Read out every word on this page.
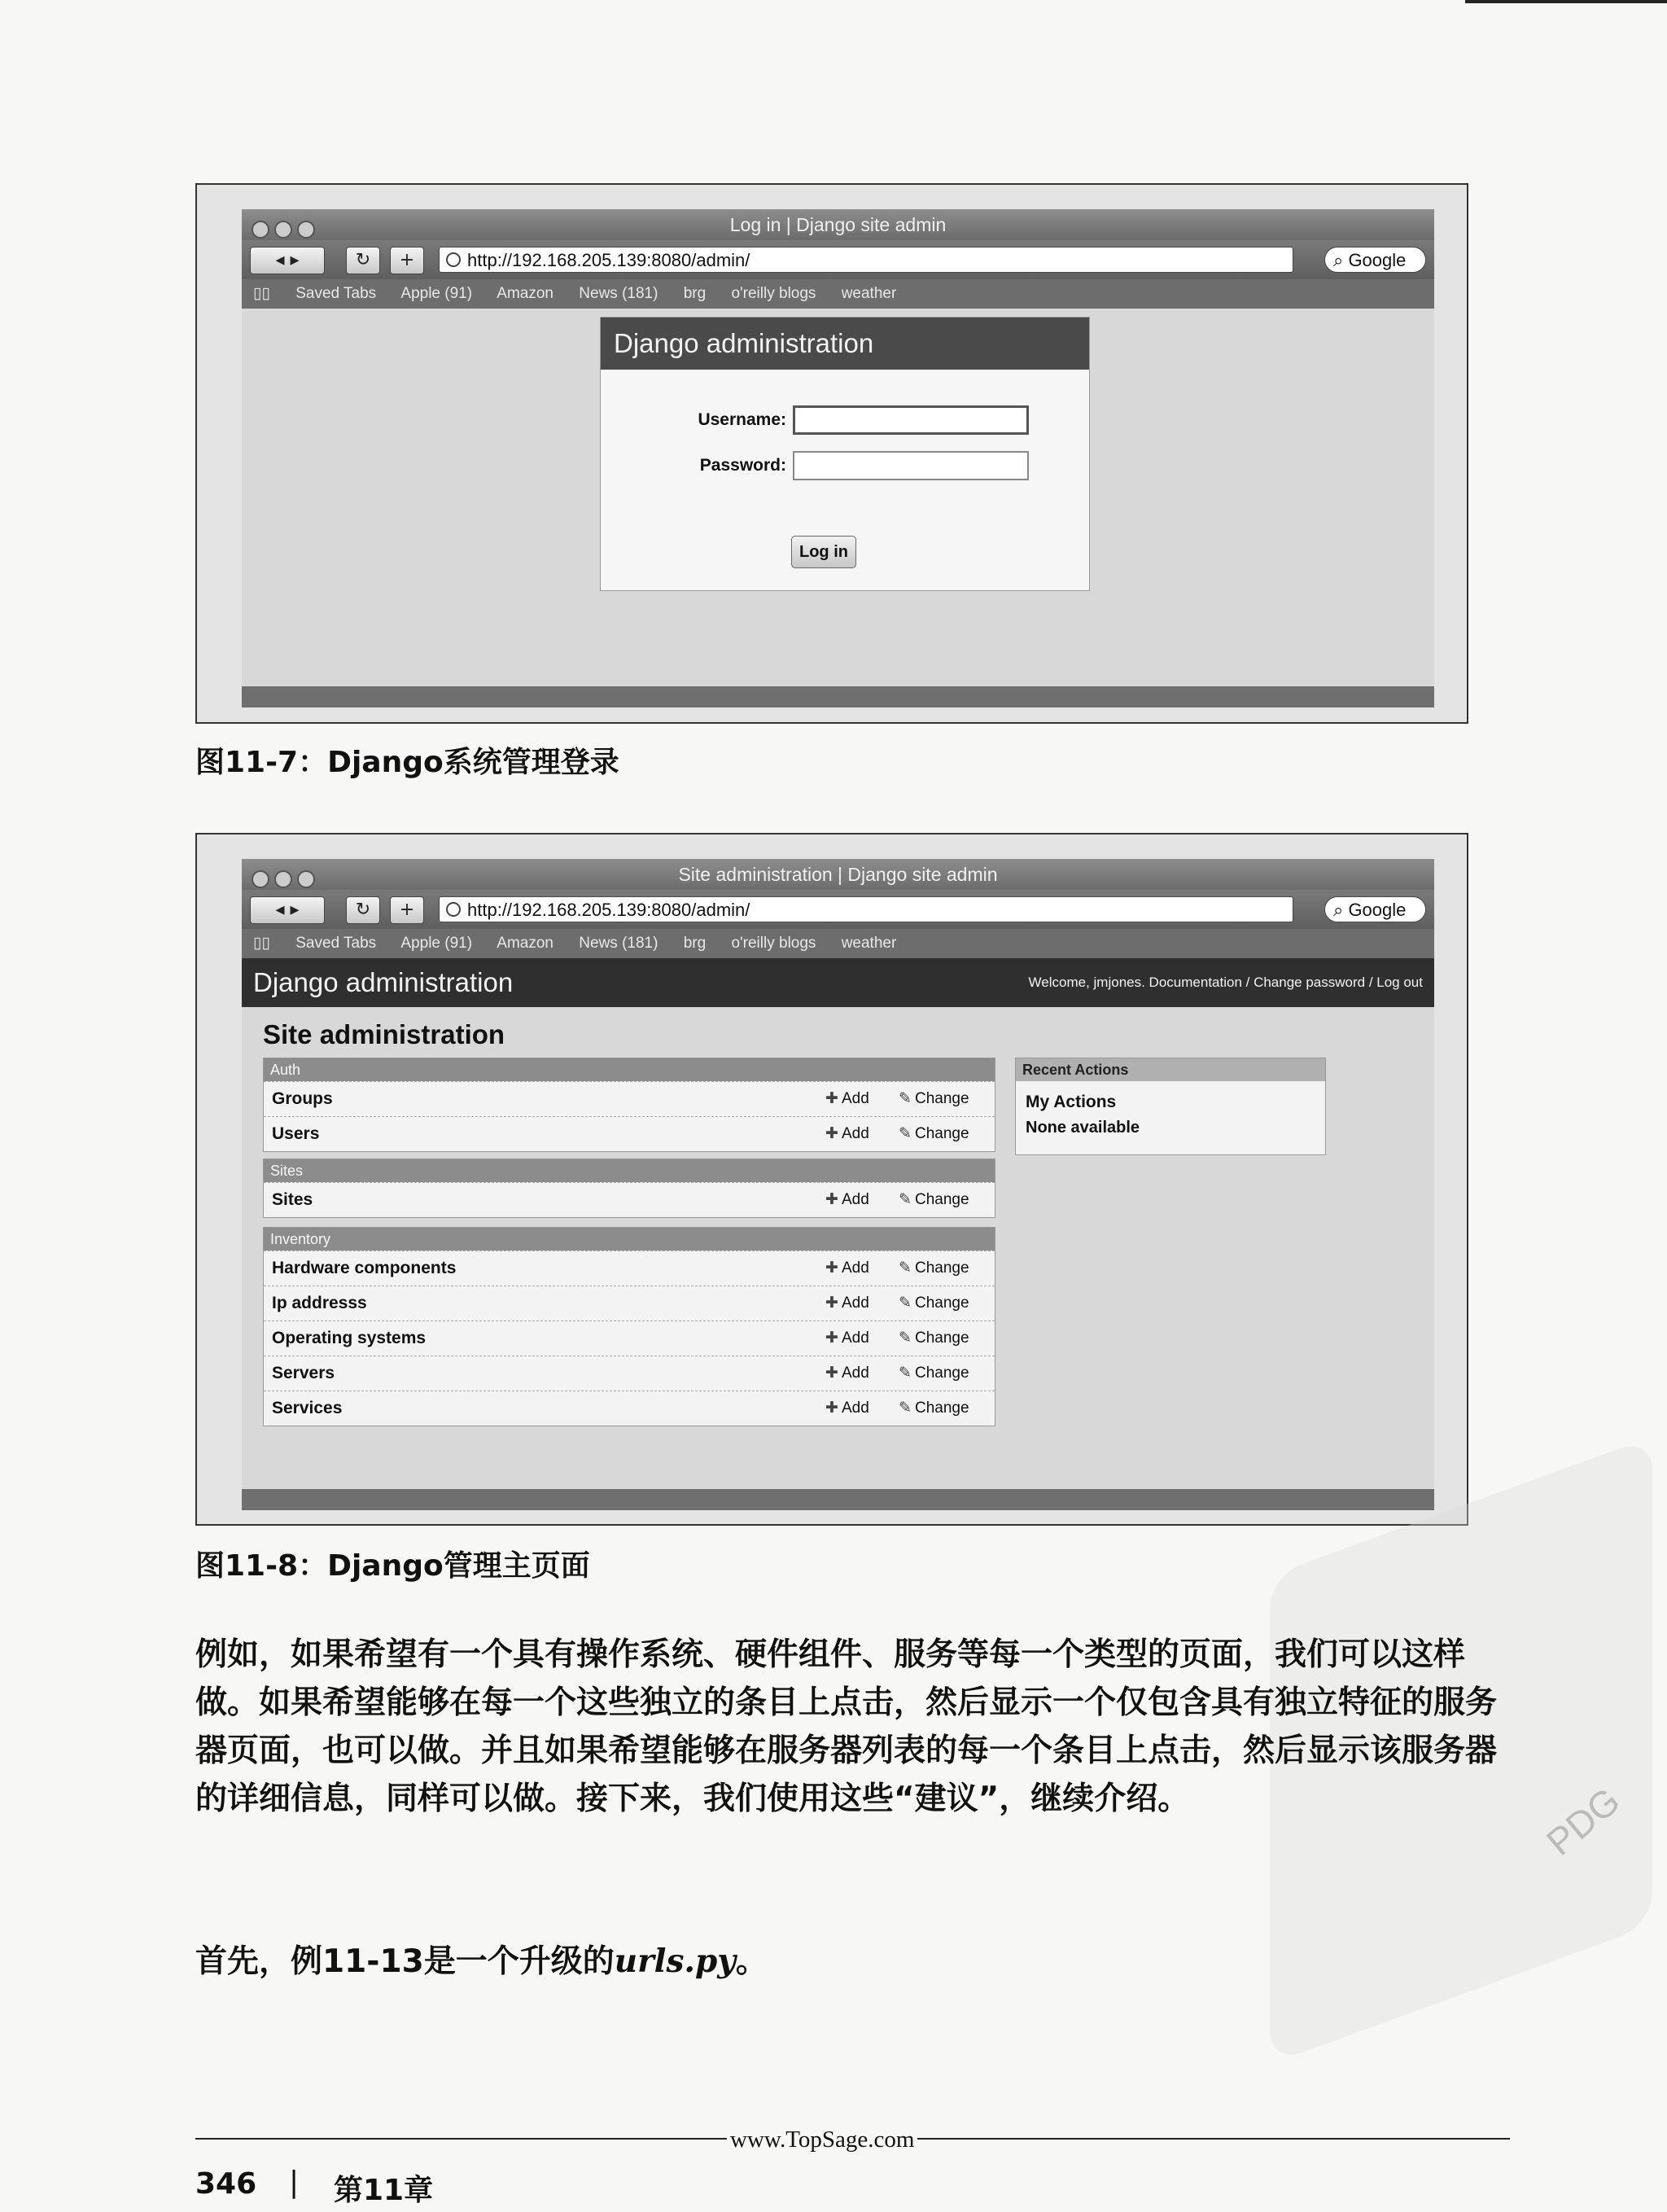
Log in | Django site admin
◂ ▸	↻	+	http://192.168.205.139:8080/admin/	⌕ Google
▯▯ Saved Tabs Apple (91) Amazon News (181) brg o'reilly blogs weather
Django administration
Username:
Password:
Log in
图11-7：Django系统管理登录
Site administration | Django site admin
◂ ▸	↻	+	http://192.168.205.139:8080/admin/	⌕ Google
▯▯ Saved Tabs Apple (91) Amazon News (181) brg o'reilly blogs weather
Django administration	Welcome, jmjones. Documentation / Change password / Log out
Site administration
Auth
Groups	✚ Add ✎ Change
Users	✚ Add ✎ Change
Sites
Sites	✚ Add ✎ Change
Inventory
Hardware components	✚ Add ✎ Change
Ip addresss	✚ Add ✎ Change
Operating systems	✚ Add ✎ Change
Servers	✚ Add ✎ Change
Services	✚ Add ✎ Change
Recent Actions
My Actions
None available
图11-8：Django管理主页面
PDG
例如，如果希望有一个具有操作系统、硬件组件、服务等每一个类型的页面，我们可以这样做。如果希望能够在每一个这些独立的条目上点击，然后显示一个仅包含具有独立特征的服务器页面，也可以做。并且如果希望能够在服务器列表的每一个条目上点击，然后显示该服务器的详细信息，同样可以做。接下来，我们使用这些“建议”，继续介绍。
首先，例11-13是一个升级的urls.py。
www.TopSage.com
346 | 第11章
